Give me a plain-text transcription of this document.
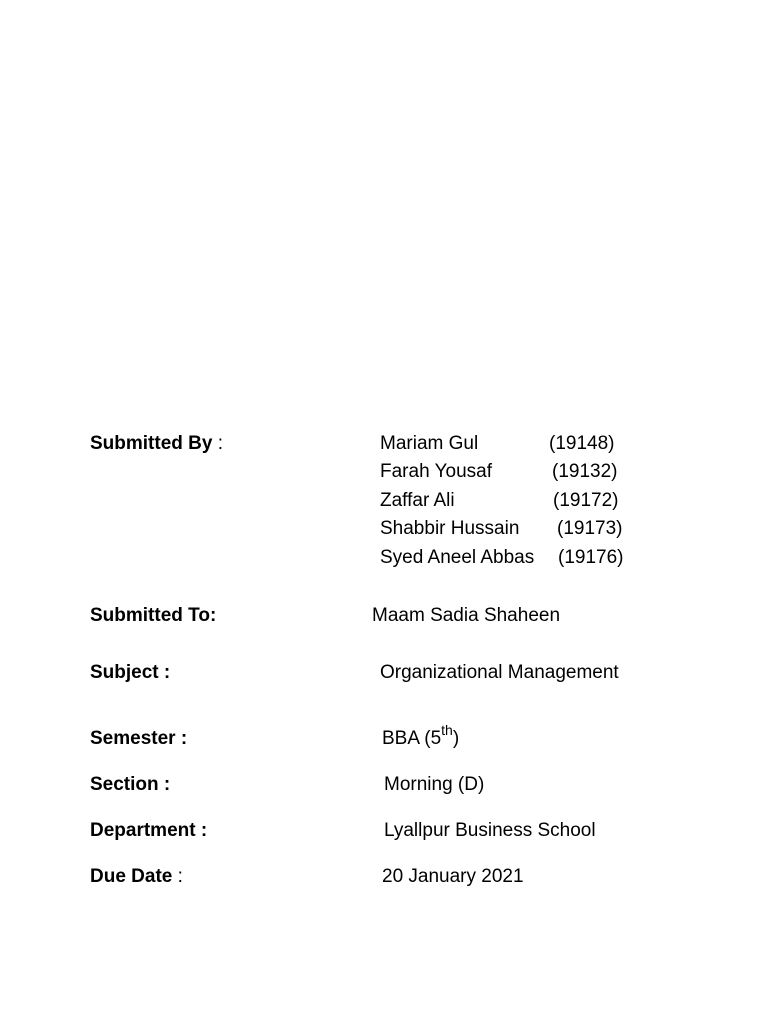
Submitted By :	Mariam Gul	(19148)
Farah Yousaf	(19132)
Zaffar Ali	(19172)
Shabbir Hussain (19173)
Syed Aneel Abbas (19176)
Submitted To:	Maam Sadia Shaheen
Subject :	Organizational Management
Semester :	BBA (5th)
Section :	Morning (D)
Department :	Lyallpur Business School
Due Date :	20 January 2021
